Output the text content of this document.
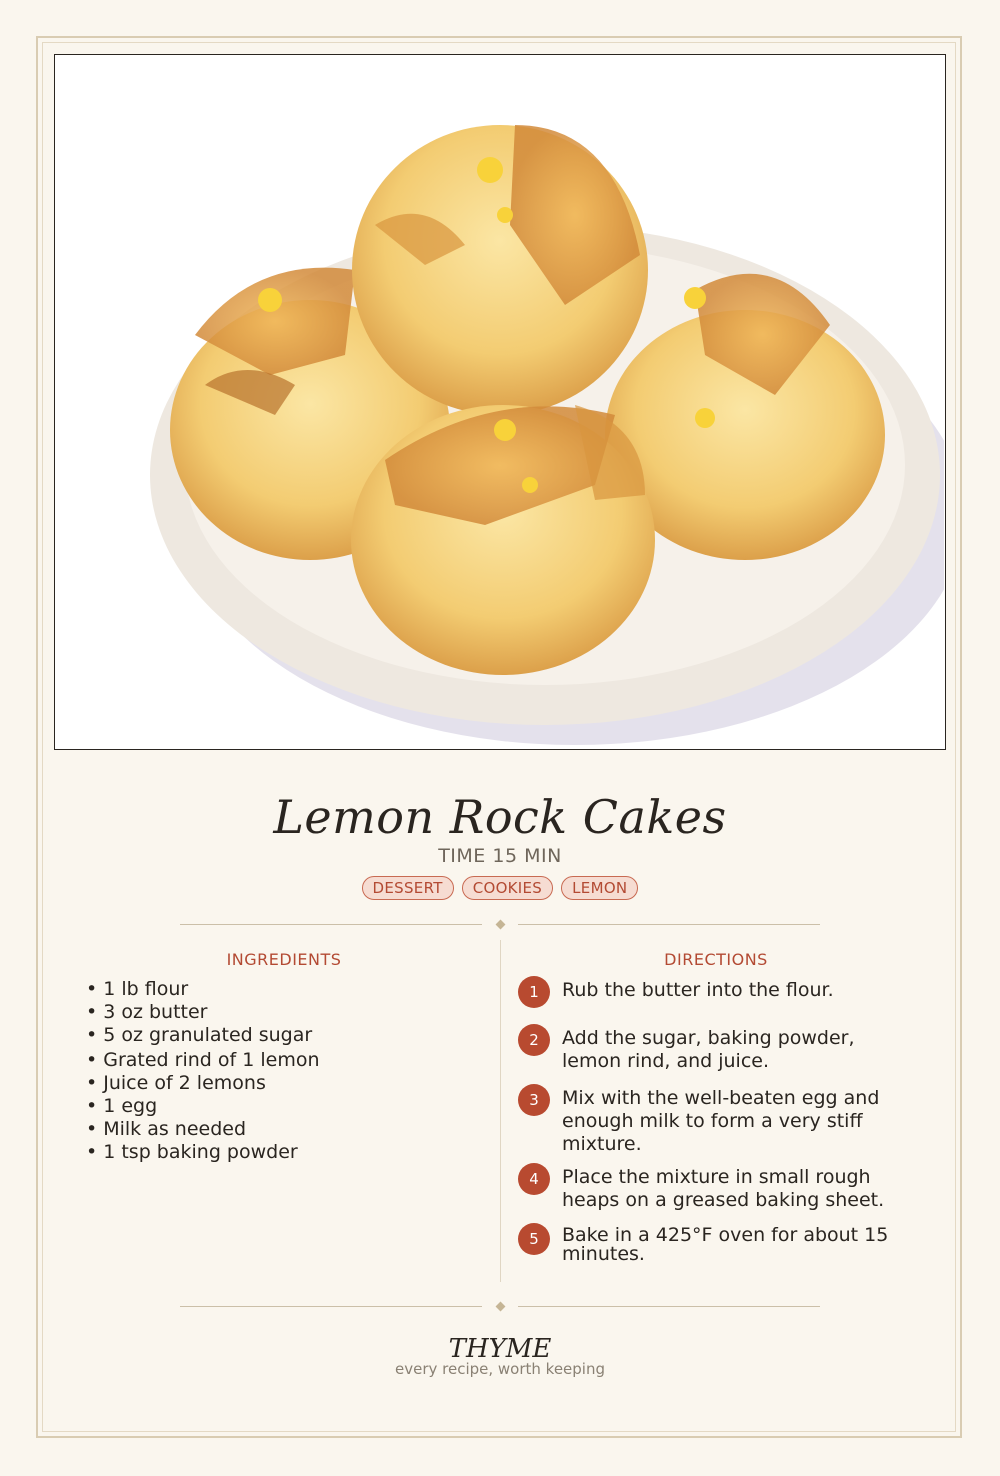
Lemon Rock Cakes
TIME 15 MIN
DESSERT	COOKIES	LEMON
INGREDIENTS	DIRECTIONS
• 1 lb flour
• 3 oz butter
• 5 oz granulated sugar
• Grated rind of 1 lemon
• Juice of 2 lemons
• 1 egg
• Milk as needed
• 1 tsp baking powder
1	Rub the butter into the flour.
2	Add the sugar, baking powder, lemon rind, and juice.
3	Mix with the well-beaten egg and enough milk to form a very stiff mixture.
4	Place the mixture in small rough heaps on a greased baking sheet.
5	Bake in a 425°F oven for about 15 minutes.
THYME
every recipe, worth keeping
